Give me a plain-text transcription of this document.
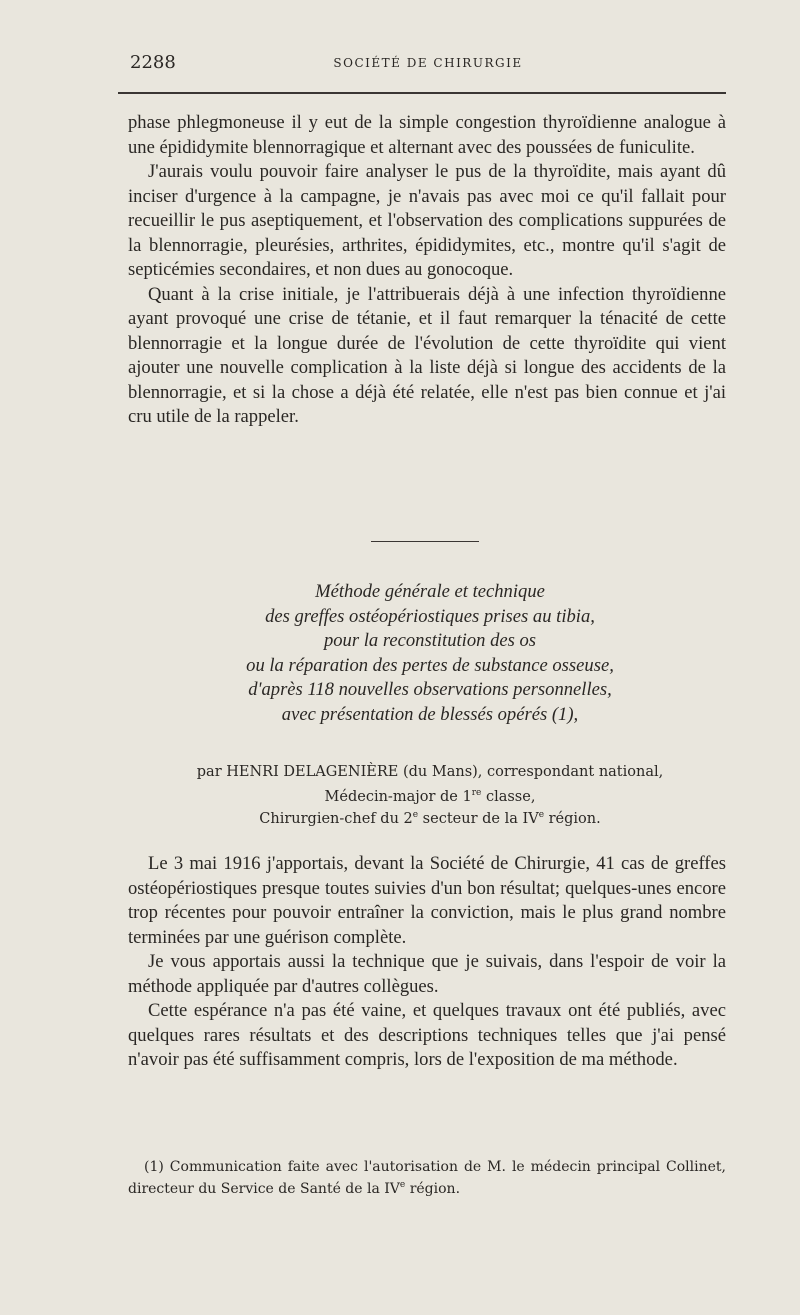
2288	SOCIÉTÉ DE CHIRURGIE

phase phlegmoneuse il y eut de la simple congestion thyroïdienne analogue à une épididymite blennorragique et alternant avec des poussées de funiculite.

J'aurais voulu pouvoir faire analyser le pus de la thyroïdite, mais ayant dû inciser d'urgence à la campagne, je n'avais pas avec moi ce qu'il fallait pour recueillir le pus aseptiquement, et l'observation des complications suppurées de la blennorragie, pleurésies, arthrites, épididymites, etc., montre qu'il s'agit de septicémies secondaires, et non dues au gonocoque.

Quant à la crise initiale, je l'attribuerais déjà à une infection thyroïdienne ayant provoqué une crise de tétanie, et il faut remarquer la ténacité de cette blennorragie et la longue durée de l'évolution de cette thyroïdite qui vient ajouter une nouvelle complication à la liste déjà si longue des accidents de la blennorragie, et si la chose a déjà été relatée, elle n'est pas bien connue et j'ai cru utile de la rappeler.

Méthode générale et technique
des greffes ostéopériostiques prises au tibia,
pour la reconstitution des os
ou la réparation des pertes de substance osseuse,
d'après 118 nouvelles observations personnelles,
avec présentation de blessés opérés (1),
par HENRI DELAGENIÈRE (du Mans), correspondant national,
Médecin-major de 1re classe,
Chirurgien-chef du 2e secteur de la IVe région.

Le 3 mai 1916 j'apportais, devant la Société de Chirurgie, 41 cas de greffes ostéopériostiques presque toutes suivies d'un bon résultat; quelques-unes encore trop récentes pour pouvoir entraîner la conviction, mais le plus grand nombre terminées par une guérison complète.

Je vous apportais aussi la technique que je suivais, dans l'espoir de voir la méthode appliquée par d'autres collègues.

Cette espérance n'a pas été vaine, et quelques travaux ont été publiés, avec quelques rares résultats et des descriptions techniques telles que j'ai pensé n'avoir pas été suffisamment compris, lors de l'exposition de ma méthode.

(1) Communication faite avec l'autorisation de M. le médecin principal Collinet, directeur du Service de Santé de la IVe région.
